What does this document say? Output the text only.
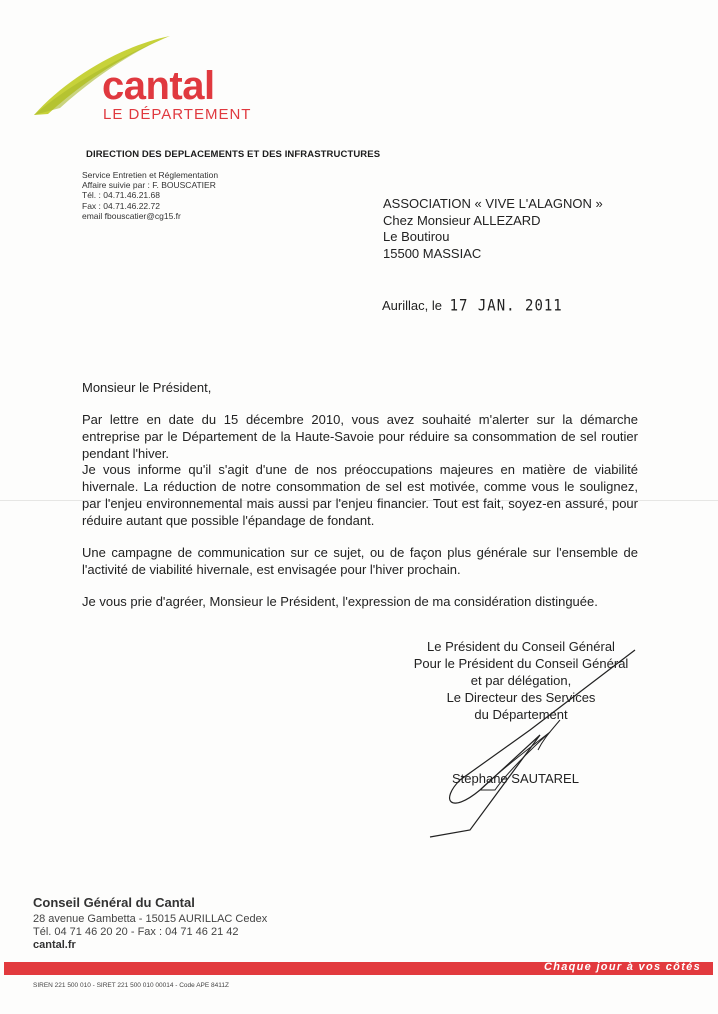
cantal
LE DÉPARTEMENT
DIRECTION DES DEPLACEMENTS ET DES INFRASTRUCTURES
Service Entretien et Réglementation
Affaire suivie par : F. BOUSCATIER
Tél. : 04.71.46.21.68
Fax : 04.71.46.22.72
email fbouscatier@cg15.fr
ASSOCIATION « VIVE L'ALAGNON »
Chez Monsieur ALLEZARD
Le Boutirou
15500 MASSIAC
Aurillac, le 17 JAN. 2011

Monsieur le Président,

Par lettre en date du 15 décembre 2010, vous avez souhaité m'alerter sur la démarche entreprise par le Département de la Haute-Savoie pour réduire sa consommation de sel routier pendant l'hiver.

Je vous informe qu'il s'agit d'une de nos préoccupations majeures en matière de viabilité hivernale. La réduction de notre consommation de sel est motivée, comme vous le soulignez, par l'enjeu environnemental mais aussi par l'enjeu financier. Tout est fait, soyez-en assuré, pour réduire autant que possible l'épandage de fondant.

Une campagne de communication sur ce sujet, ou de façon plus générale sur l'ensemble de l'activité de viabilité hivernale, est envisagée pour l'hiver prochain.

Je vous prie d'agréer, Monsieur le Président, l'expression de ma considération distinguée.

Le Président du Conseil Général
Pour le Président du Conseil Général
et par délégation,
Le Directeur des Services
du Département
Stéphane SAUTAREL
Conseil Général du Cantal
28 avenue Gambetta - 15015 AURILLAC Cedex
Tél. 04 71 46 20 20 - Fax : 04 71 46 21 42
cantal.fr
Chaque jour à vos côtés
SIREN 221 500 010 - SIRET 221 500 010 00014 - Code APE 8411Z
